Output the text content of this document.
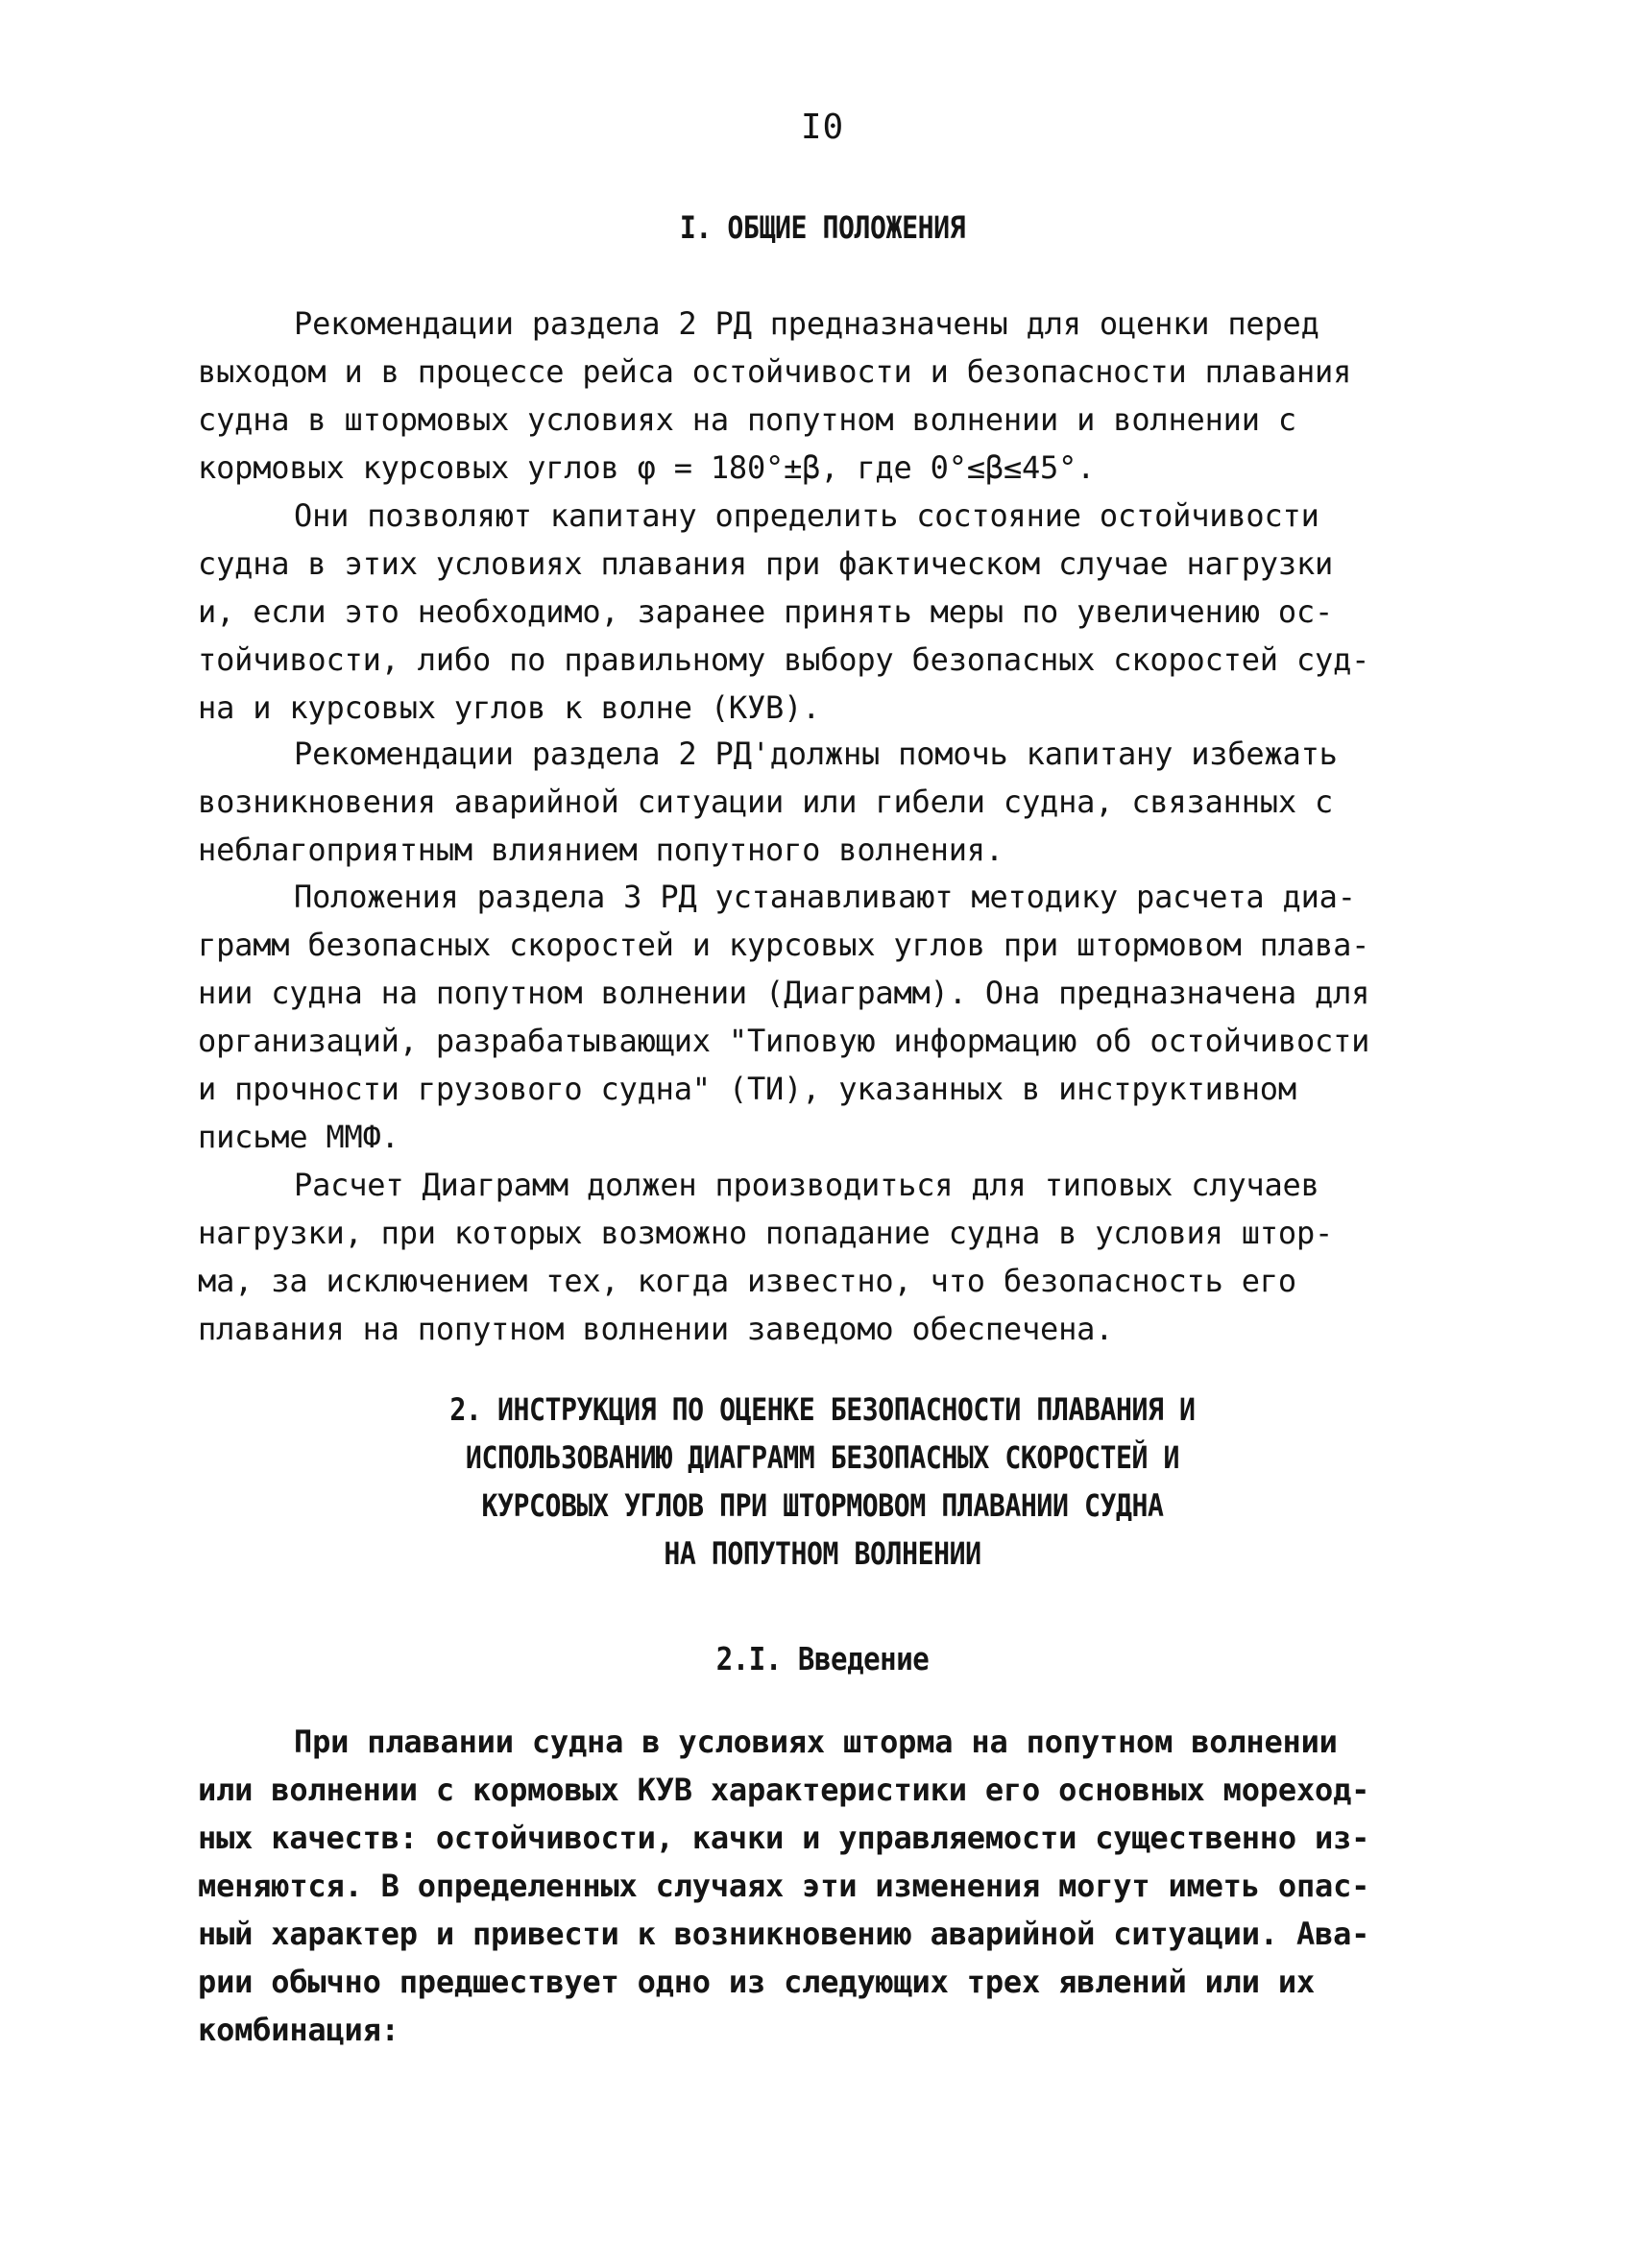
I0
I. ОБЩИЕ ПОЛОЖЕНИЯ
Рекомендации раздела 2 РД предназначены для оценки перед
выходом и в процессе рейса остойчивости и безопасности плавания
судна в штормовых условиях на попутном волнении и волнении с
кормовых курсовых углов φ = 180°±β, где 0°≤β≤45°.
Они позволяют капитану определить состояние остойчивости
судна в этих условиях плавания при фактическом случае нагрузки
и, если это необходимо, заранее принять меры по увеличению ос-
тойчивости, либо по правильному выбору безопасных скоростей суд-
на и курсовых углов к волне (КУВ).
Рекомендации раздела 2 РД'должны помочь капитану избежать
возникновения аварийной ситуации или гибели судна, связанных с
неблагоприятным влиянием попутного волнения.
Положения раздела 3 РД устанавливают методику расчета диа-
грамм безопасных скоростей и курсовых углов при штормовом плава-
нии судна на попутном волнении (Диаграмм). Она предназначена для
организаций, разрабатывающих "Типовую информацию об остойчивости
и прочности грузового судна" (ТИ), указанных в инструктивном
письме ММФ.
Расчет Диаграмм должен производиться для типовых случаев
нагрузки, при которых возможно попадание судна в условия штор-
ма, за исключением тех, когда известно, что безопасность его
плавания на попутном волнении заведомо обеспечена.
2. ИНСТРУКЦИЯ ПО ОЦЕНКЕ БЕЗОПАСНОСТИ ПЛАВАНИЯ И
ИСПОЛЬЗОВАНИЮ ДИАГРАММ БЕЗОПАСНЫХ СКОРОСТЕЙ И
КУРСОВЫХ УГЛОВ ПРИ ШТОРМОВОМ ПЛАВАНИИ СУДНА
НА ПОПУТНОМ ВОЛНЕНИИ
2.I. Введение
При плавании судна в условиях шторма на попутном волнении
или волнении с кормовых КУВ характеристики его основных мореход-
ных качеств: остойчивости, качки и управляемости существенно из-
меняются. В определенных случаях эти изменения могут иметь опас-
ный характер и привести к возникновению аварийной ситуации. Ава-
рии обычно предшествует одно из следующих трех явлений или их
комбинация:
